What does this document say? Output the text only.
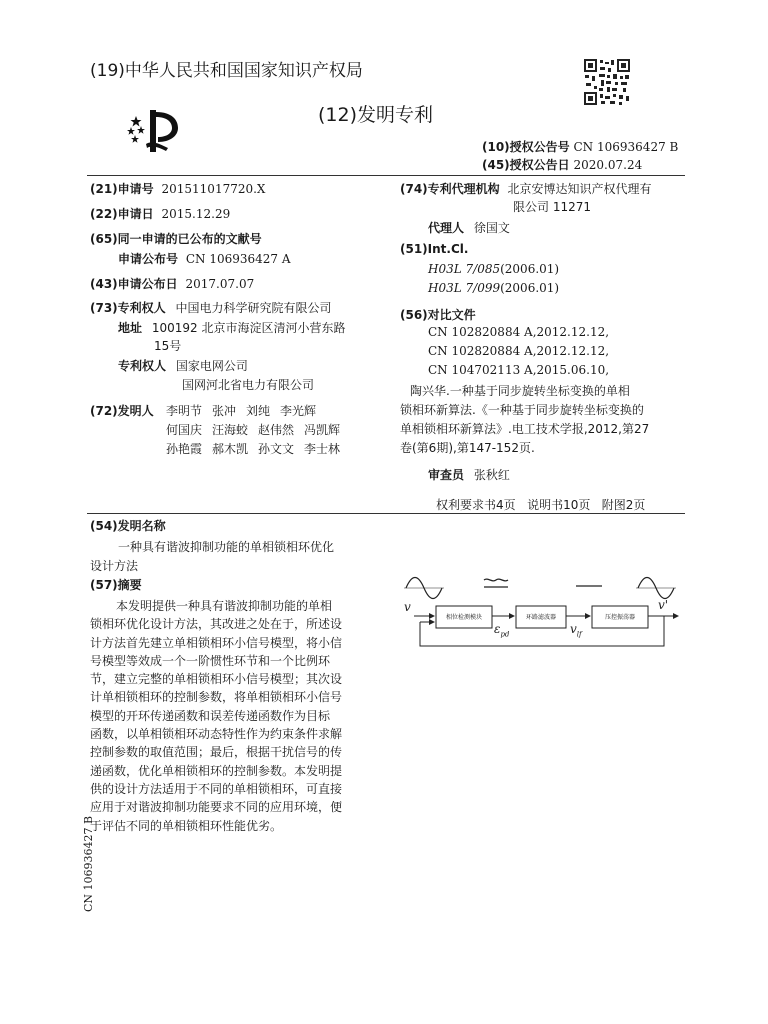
(19)中华人民共和国国家知识产权局
(12)发明专利
(10)授权公告号 CN 106936427 B
(45)授权公告日 2020.07.24
(21)申请号 201511017720.X
(22)申请日 2015.12.29
(65)同一申请的已公布的文献号
申请公布号 CN 106936427 A
(43)申请公布日 2017.07.07
(73)专利权人 中国电力科学研究院有限公司
地址 100192 北京市海淀区清河小营东路
15号
专利权人 国家电网公司
国网河北省电力有限公司
(72)发明人 李明节 张冲 刘纯 李光辉
何国庆 汪海蛟 赵伟然 冯凯辉
孙艳霞 郝木凯 孙文文 李士林
(74)专利代理机构 北京安博达知识产权代理有
限公司 11271
代理人 徐国文
(51)Int.Cl.
H03L 7/085(2006.01)
H03L 7/099(2006.01)
(56)对比文件
CN 102820884 A,2012.12.12,
CN 102820884 A,2012.12.12,
CN 104702113 A,2015.06.10,
陶兴华.一种基于同步旋转坐标变换的单相
锁相环新算法.《一种基于同步旋转坐标变换的
单相锁相环新算法》.电工技术学报,2012,第27
卷(第6期),第147-152页.
审查员 张秋红
权利要求书4页   说明书10页   附图2页
(54)发明名称
一种具有谐波抑制功能的单相锁相环优化
设计方法
(57)摘要

本发明提供一种具有谐波抑制功能的单相

锁相环优化设计方法，其改进之处在于，所述设

计方法首先建立单相锁相环小信号模型，将小信

号模型等效成一个一阶惯性环节和一个比例环

节，建立完整的单相锁相环小信号模型；其次设

计单相锁相环的控制参数，将单相锁相环小信号

模型的开环传递函数和误差传递函数作为目标

函数，以单相锁相环动态特性作为约束条件求解

控制参数的取值范围；最后，根据干扰信号的传

递函数，优化单相锁相环的控制参数。本发明提

供的设计方法适用于不同的单相锁相环，可直接

应用于对谐波抑制功能要求不同的应用环境，便

于评估不同的单相锁相环性能优劣。

v	v'
相位检测模块	环路滤波器	压控振荡器
$\varepsilon_{pd}$	$v_{lf}$
CN 106936427 B
